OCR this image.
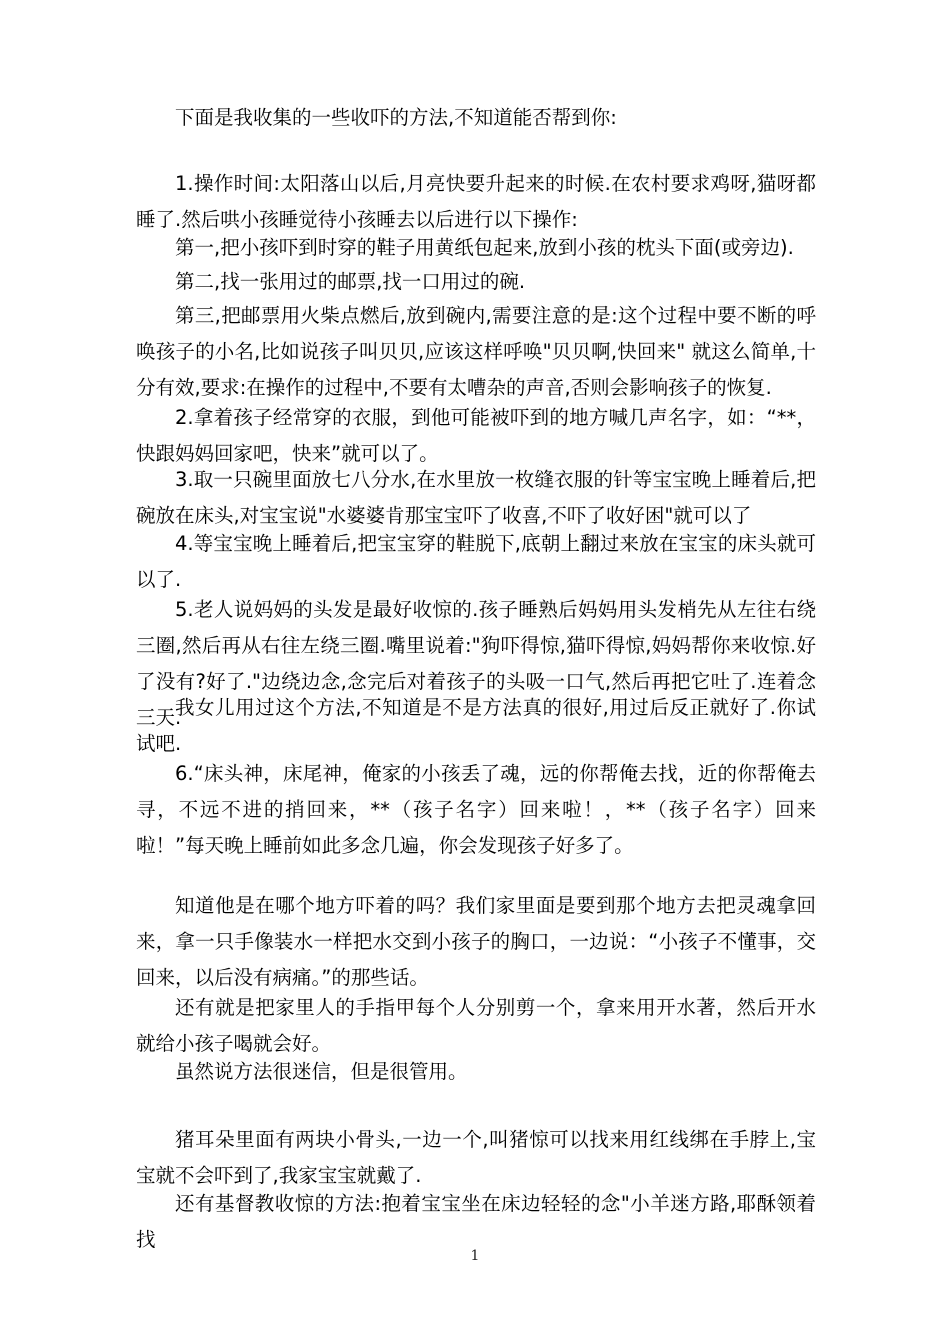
下面是我收集的一些收吓的方法,不知道能否帮到你:

1.操作时间:太阳落山以后,月亮快要升起来的时候.在农村要求鸡呀,猫呀都睡了.然后哄小孩睡觉待小孩睡去以后进行以下操作:

第一,把小孩吓到时穿的鞋子用黄纸包起来,放到小孩的枕头下面(或旁边).

第二,找一张用过的邮票,找一口用过的碗.

第三,把邮票用火柴点燃后,放到碗内,需要注意的是:这个过程中要不断的呼唤孩子的小名,比如说孩子叫贝贝,应该这样呼唤"贝贝啊,快回来" 就这么简单,十分有效,要求:在操作的过程中,不要有太嘈杂的声音,否则会影响孩子的恢复.

2.拿着孩子经常穿的衣服，到他可能被吓到的地方喊几声名字，如：“**，快跟妈妈回家吧，快来”就可以了。

3.取一只碗里面放七八分水,在水里放一枚缝衣服的针等宝宝晚上睡着后,把碗放在床头,对宝宝说"水婆婆肯那宝宝吓了收喜,不吓了收好困"就可以了

4.等宝宝晚上睡着后,把宝宝穿的鞋脱下,底朝上翻过来放在宝宝的床头就可以了.

5.老人说妈妈的头发是最好收惊的.孩子睡熟后妈妈用头发梢先从左往右绕三圈,然后再从右往左绕三圈.嘴里说着:"狗吓得惊,猫吓得惊,妈妈帮你来收惊.好了没有?好了."边绕边念,念完后对着孩子的头吸一口气,然后再把它吐了.连着念三天.

我女儿用过这个方法,不知道是不是方法真的很好,用过后反正就好了.你试试吧.

6.“床头神，床尾神，俺家的小孩丢了魂，远的你帮俺去找，近的你帮俺去寻，不远不进的捎回来，**（孩子名字）回来啦！，**（孩子名字）回来啦！”每天晚上睡前如此多念几遍，你会发现孩子好多了。

知道他是在哪个地方吓着的吗？我们家里面是要到那个地方去把灵魂拿回来，拿一只手像装水一样把水交到小孩子的胸口，一边说：“小孩子不懂事，交回来，以后没有病痛。”的那些话。

还有就是把家里人的手指甲每个人分别剪一个，拿来用开水著，然后开水就给小孩子喝就会好。

虽然说方法很迷信，但是很管用。

猪耳朵里面有两块小骨头,一边一个,叫猪惊可以找来用红线绑在手脖上,宝宝就不会吓到了,我家宝宝就戴了.

还有基督教收惊的方法:抱着宝宝坐在床边轻轻的念"小羊迷方路,耶酥领着找

1
